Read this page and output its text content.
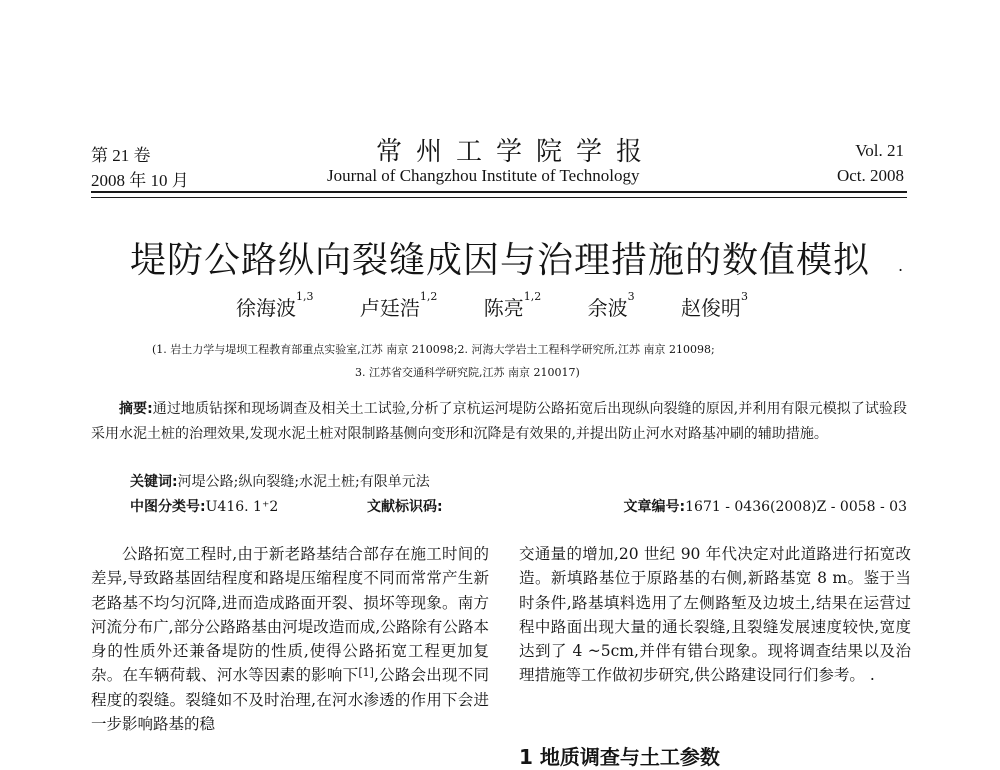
第 21 卷
2008 年 10 月
常州工学院学报
Journal of Changzhou Institute of Technology
Vol. 21
Oct. 2008
堤防公路纵向裂缝成因与治理措施的数值模拟 .
徐海波$^{1,3}$ 卢廷浩$^{1,2}$ 陈亮$^{1,2}$ 余波$^3$ 赵俊明$^3$
(1. 岩土力学与堤坝工程教育部重点实验室,江苏 南京 210098;2. 河海大学岩土工程科学研究所,江苏 南京 210098;
3. 江苏省交通科学研究院,江苏 南京 210017)
摘要:通过地质钻探和现场调查及相关土工试验,分析了京杭运河堤防公路拓宽后出现纵向裂缝的原因,并利用有限元模拟了试验段采用水泥土桩的治理效果,发现水泥土桩对限制路基侧向变形和沉降是有效果的,并提出防止河水对路基冲刷的辅助措施。
关键词:河堤公路;纵向裂缝;水泥土桩;有限单元法
中图分类号:U416. 1⁺2	文献标识码:	文章编号:1671 - 0436(2008)Z - 0058 - 03
公路拓宽工程时,由于新老路基结合部存在施工时间的差异,导致路基固结程度和路堤压缩程度不同而常常产生新老路基不均匀沉降,进而造成路面开裂、损坏等现象。南方河流分布广,部分公路路基由河堤改造而成,公路除有公路本身的性质外还兼备堤防的性质,使得公路拓宽工程更加复杂。在车辆荷载、河水等因素的影响下[1],公路会出现不同程度的裂缝。裂缝如不及时治理,在河水渗透的作用下会进一步影响路基的稳
交通量的增加,20 世纪 90 年代决定对此道路进行拓宽改造。新填路基位于原路基的右侧,新路基宽 8 m。鉴于当时条件,路基填料选用了左侧路堑及边坡土,结果在运营过程中路面出现大量的通长裂缝,且裂缝发展速度较快,宽度达到了 4 ~5cm,并伴有错台现象。现将调查结果以及治理措施等工作做初步研究,供公路建设同行们参考。 .
1 地质调查与土工参数
